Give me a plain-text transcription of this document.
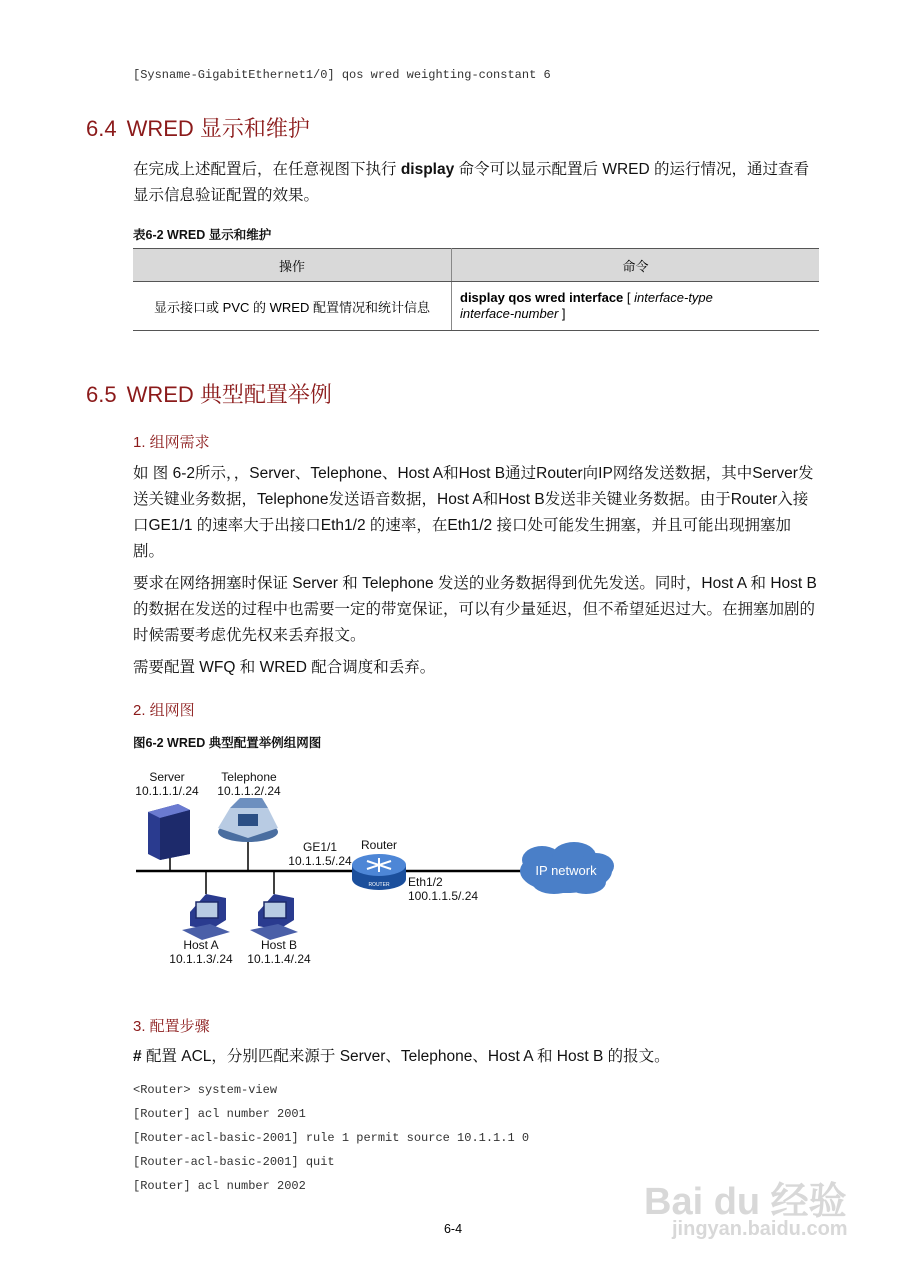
[Sysname-GigabitEthernet1/0] qos wred weighting-constant 6
6.4 WRED 显示和维护
在完成上述配置后，在任意视图下执行 display 命令可以显示配置后 WRED 的运行情况，通过查看显示信息验证配置的效果。
表6-2 WRED 显示和维护
操作	命令
显示接口或 PVC 的 WRED 配置情况和统计信息	display qos wred interface [ interface-type
interface-number ]
6.5 WRED 典型配置举例
1. 组网需求
如 图 6-2所示，，Server、Telephone、Host A和Host B通过Router向IP网络发送数据，其中Server发送关键业务数据，Telephone发送语音数据，Host A和Host B发送非关键业务数据。由于Router入接口GE1/1 的速率大于出接口Eth1/2 的速率，在Eth1/2 接口处可能发生拥塞，并且可能出现拥塞加剧。
要求在网络拥塞时保证 Server 和 Telephone 发送的业务数据得到优先发送。同时，Host A 和 Host B 的数据在发送的过程中也需要一定的带宽保证，可以有少量延迟，但不希望延迟过大。在拥塞加剧的时候需要考虑优先权来丢弃报文。
需要配置 WFQ 和 WRED 配合调度和丢弃。
2. 组网图
图6-2 WRED 典型配置举例组网图
ROUTER
Server
10.1.1.1/.24
Telephone
10.1.1.2/.24
Host A
10.1.1.3/.24
Host B
10.1.1.4/.24
GE1/1
10.1.1.5/.24
Router
Eth1/2
100.1.1.5/.24
IP network
3. 配置步骤
# 配置 ACL，分别匹配来源于 Server、Telephone、Host A 和 Host B 的报文。
<Router> system-view
[Router] acl number 2001
[Router-acl-basic-2001] rule 1 permit source 10.1.1.1 0
[Router-acl-basic-2001] quit
[Router] acl number 2002
6-4
Bai du 经验
jingyan.baidu.com
